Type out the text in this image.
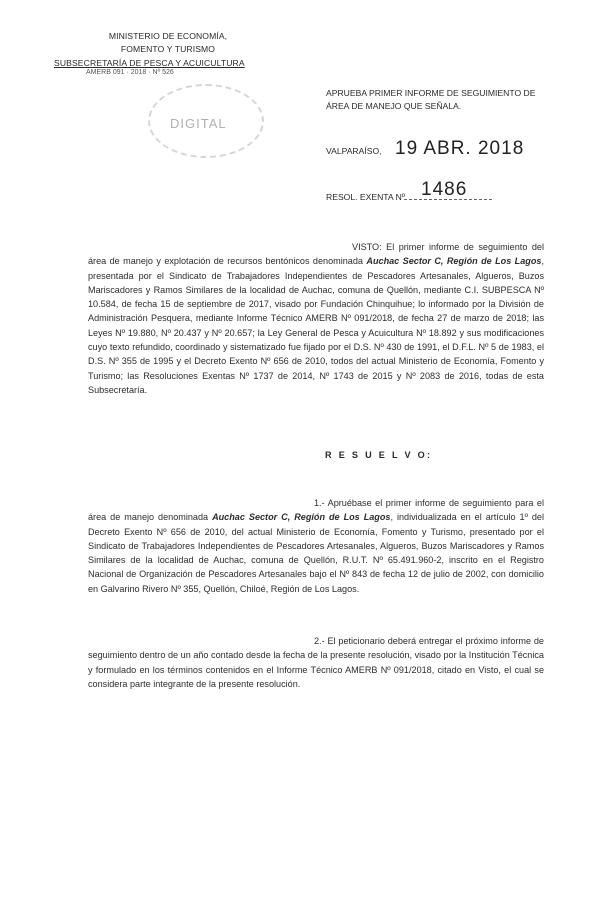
MINISTERIO DE ECONOMÍA,
FOMENTO Y TURISMO
SUBSECRETARÍA DE PESCA Y ACUICULTURA
AMERB 091 · 2018 · Nº 526
DIGITAL
APRUEBA PRIMER INFORME DE SEGUIMIENTO DE ÁREA DE MANEJO QUE SEÑALA.
VALPARAÍSO, 19 ABR. 2018
RESOL. EXENTA Nº 1486
VISTO: El primer informe de seguimiento del área de manejo y explotación de recursos bentónicos denominada Auchac Sector C, Región de Los Lagos, presentada por el Sindicato de Trabajadores Independientes de Pescadores Artesanales, Algueros, Buzos Mariscadores y Ramos Similares de la localidad de Auchac, comuna de Quellón, mediante C.I. SUBPESCA Nº 10.584, de fecha 15 de septiembre de 2017, visado por Fundación Chinquihue; lo informado por la División de Administración Pesquera, mediante Informe Técnico AMERB Nº 091/2018, de fecha 27 de marzo de 2018; las Leyes Nº 19.880, Nº 20.437 y Nº 20.657; la Ley General de Pesca y Acuicultura Nº 18.892 y sus modificaciones cuyo texto refundido, coordinado y sistematizado fue fijado por el D.S. Nº 430 de 1991, el D.F.L. Nº 5 de 1983, el D.S. Nº 355 de 1995 y el Decreto Exento Nº 656 de 2010, todos del actual Ministerio de Economía, Fomento y Turismo; las Resoluciones Exentas Nº 1737 de 2014, Nº 1743 de 2015 y Nº 2083 de 2016, todas de esta Subsecretaría.
R E S U E L V O:
1.- Apruébase el primer informe de seguimiento para el área de manejo denominada Auchac Sector C, Región de Los Lagos, individualizada en el artículo 1º del Decreto Exento Nº 656 de 2010, del actual Ministerio de Economía, Fomento y Turismo, presentado por el Sindicato de Trabajadores Independientes de Pescadores Artesanales, Algueros, Buzos Mariscadores y Ramos Similares de la localidad de Auchac, comuna de Quellón, R.U.T. Nº 65.491.960-2, inscrito en el Registro Nacional de Organización de Pescadores Artesanales bajo el Nº 843 de fecha 12 de julio de 2002, con domicilio en Galvarino Rivero Nº 355, Quellón, Chiloé, Región de Los Lagos.
2.- El peticionario deberá entregar el próximo informe de seguimiento dentro de un año contado desde la fecha de la presente resolución, visado por la Institución Técnica y formulado en los términos contenidos en el Informe Técnico AMERB Nº 091/2018, citado en Visto, el cual se considera parte integrante de la presente resolución.
